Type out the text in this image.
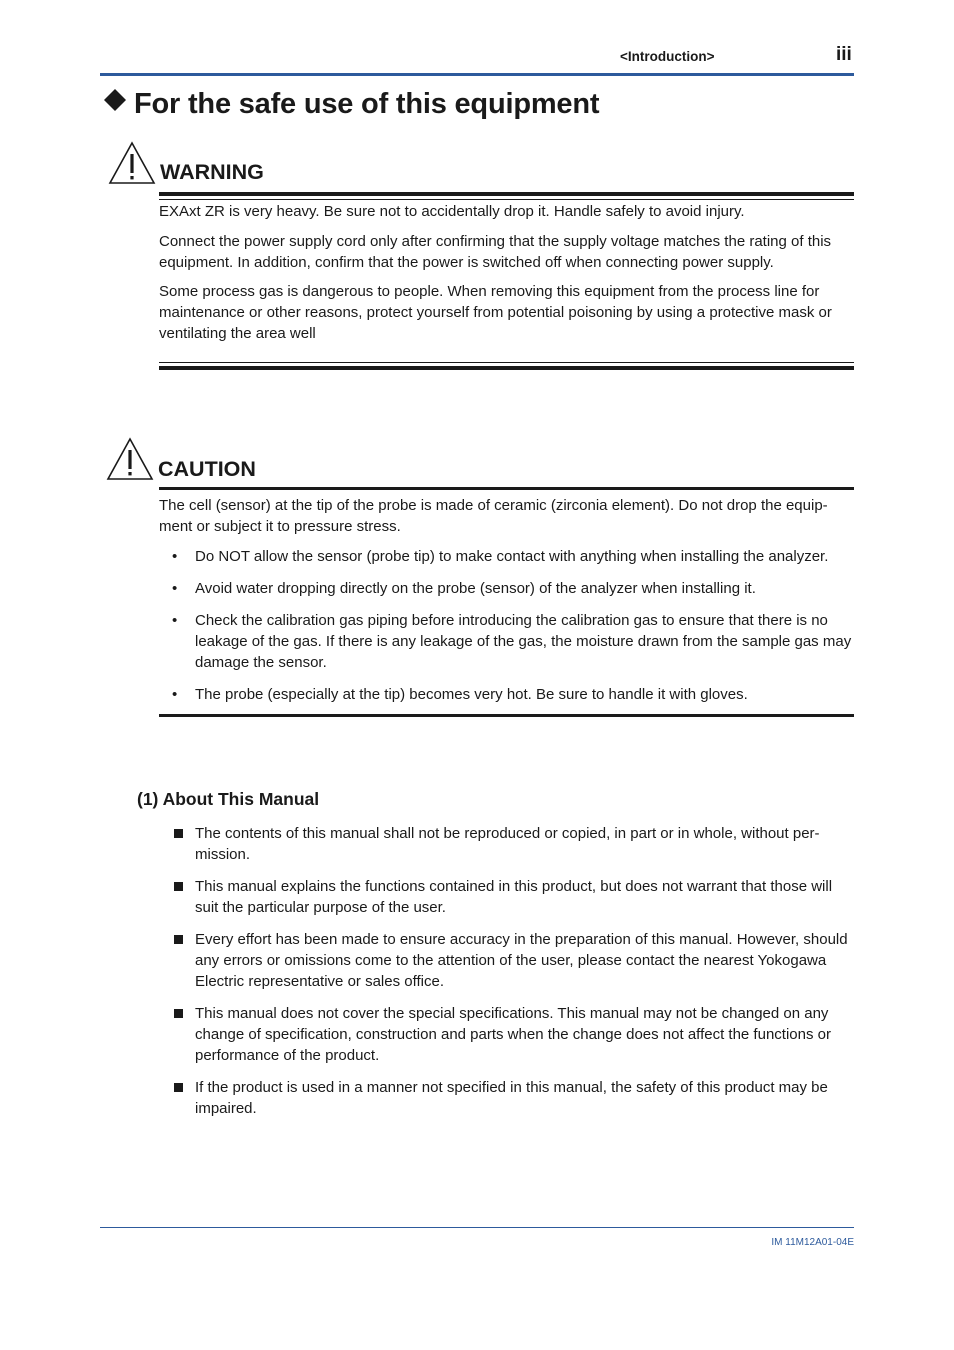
<Introduction>	iii
For the safe use of this equipment
WARNING
EXAxt ZR is very heavy. Be sure not to accidentally drop it. Handle safely to avoid injury.
Connect the power supply cord only after confirming that the supply voltage matches the rating of this equipment. In addition, confirm that the power is switched off when connecting power supply.
Some process gas is dangerous to people. When removing this equipment from the process line for maintenance or other reasons, protect yourself from potential poisoning by using a protective mask or ventilating the area well
CAUTION
The cell (sensor) at the tip of the probe is made of ceramic (zirconia element). Do not drop the equip-ment or subject it to pressure stress.
•	Do NOT allow the sensor (probe tip) to make contact with anything when installing the analyzer.
•	Avoid water dropping directly on the probe (sensor) of the analyzer when installing it.
•	Check the calibration gas piping before introducing the calibration gas to ensure that there is no leakage of the gas. If there is any leakage of the gas, the moisture drawn from the sample gas may damage the sensor.
•	The probe (especially at the tip) becomes very hot. Be sure to handle it with gloves.
(1) About This Manual
The contents of this manual shall not be reproduced or copied, in part or in whole, without per-mission.
This manual explains the functions contained in this product, but does not warrant that those will suit the particular purpose of the user.
Every effort has been made to ensure accuracy in the preparation of this manual. However, should any errors or omissions come to the attention of the user, please contact the nearest Yokogawa Electric representative or sales office.
This manual does not cover the special specifications. This manual may not be changed on any change of specification, construction and parts when the change does not affect the functions or performance of the product.
If the product is used in a manner not specified in this manual, the safety of this product may be impaired.
IM 11M12A01-04E
